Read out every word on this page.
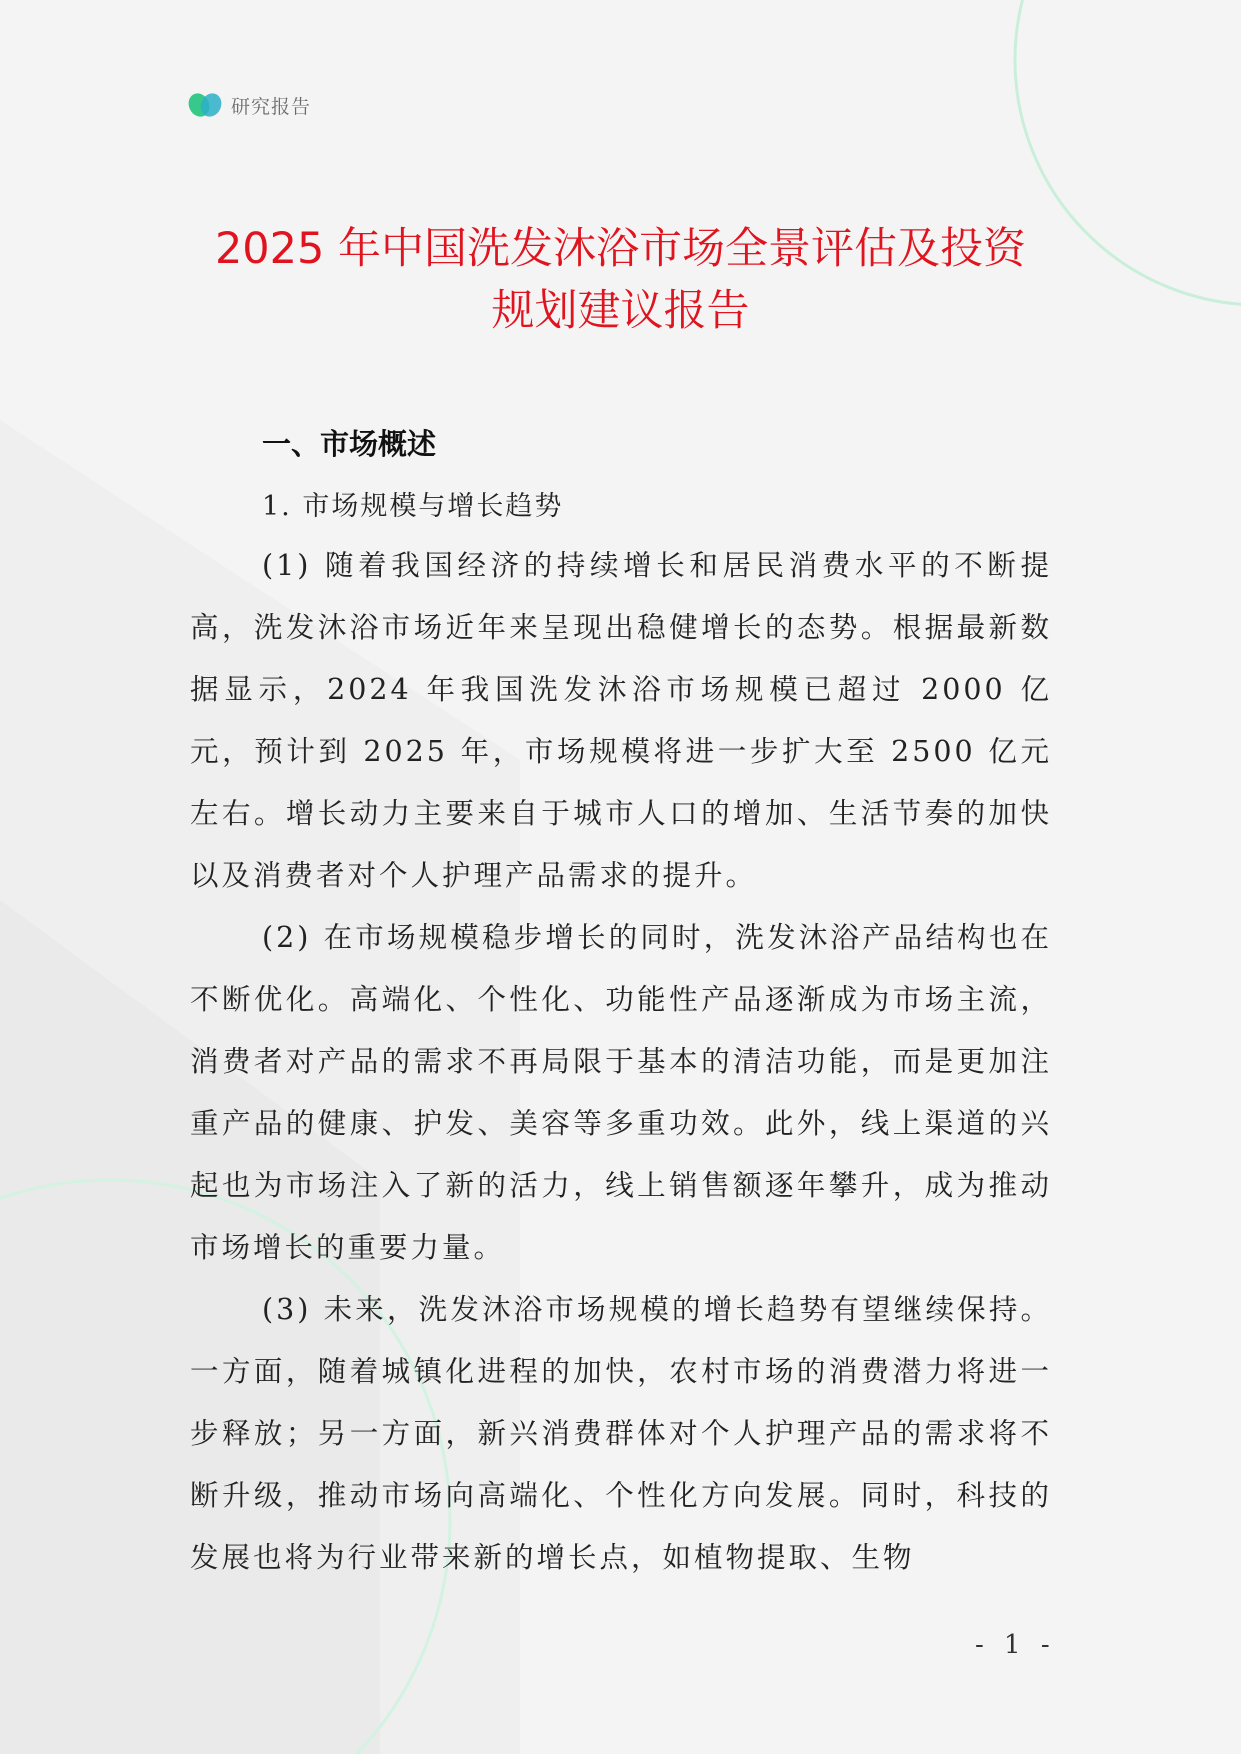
研究报告
2025 年中国洗发沐浴市场全景评估及投资
规划建议报告
一、市场概述
1. 市场规模与增长趋势

(1) 随着我国经济的持续增长和居民消费水平的不断提高，洗发沐浴市场近年来呈现出稳健增长的态势。根据最新数据显示，2024 年我国洗发沐浴市场规模已超过 2000 亿元，预计到 2025 年，市场规模将进一步扩大至 2500 亿元左右。增长动力主要来自于城市人口的增加、生活节奏的加快以及消费者对个人护理产品需求的提升。

(2) 在市场规模稳步增长的同时，洗发沐浴产品结构也在不断优化。高端化、个性化、功能性产品逐渐成为市场主流，消费者对产品的需求不再局限于基本的清洁功能，而是更加注重产品的健康、护发、美容等多重功效。此外，线上渠道的兴起也为市场注入了新的活力，线上销售额逐年攀升，成为推动市场增长的重要力量。

(3) 未来，洗发沐浴市场规模的增长趋势有望继续保持。一方面，随着城镇化进程的加快，农村市场的消费潜力将进一步释放；另一方面，新兴消费群体对个人护理产品的需求将不断升级，推动市场向高端化、个性化方向发展。同时，科技的发展也将为行业带来新的增长点，如植物提取、生物

- 1 -
